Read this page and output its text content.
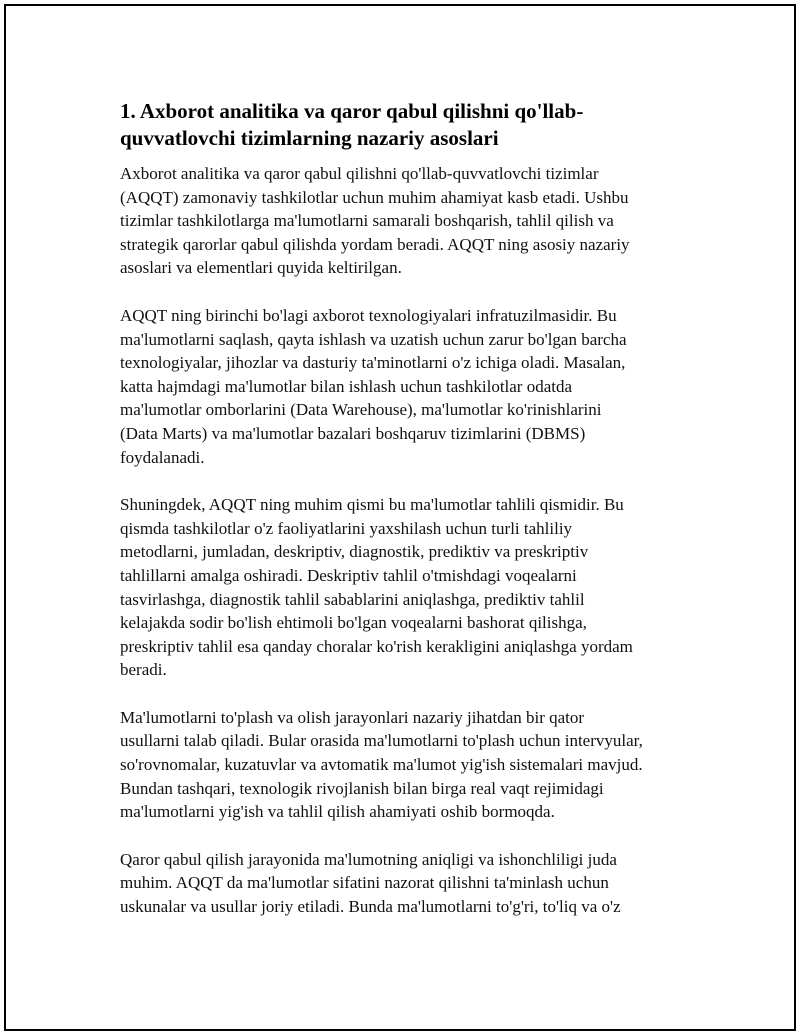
1. Axborot analitika va qaror qabul qilishni qo'llab-
quvvatlovchi tizimlarning nazariy asoslari

Axborot analitika va qaror qabul qilishni qo'llab-quvvatlovchi tizimlar
(AQQT) zamonaviy tashkilotlar uchun muhim ahamiyat kasb etadi. Ushbu
tizimlar tashkilotlarga ma'lumotlarni samarali boshqarish, tahlil qilish va
strategik qarorlar qabul qilishda yordam beradi. AQQT ning asosiy nazariy
asoslari va elementlari quyida keltirilgan.

AQQT ning birinchi bo'lagi axborot texnologiyalari infratuzilmasidir. Bu
ma'lumotlarni saqlash, qayta ishlash va uzatish uchun zarur bo'lgan barcha
texnologiyalar, jihozlar va dasturiy ta'minotlarni o'z ichiga oladi. Masalan,
katta hajmdagi ma'lumotlar bilan ishlash uchun tashkilotlar odatda
ma'lumotlar omborlarini (Data Warehouse), ma'lumotlar ko'rinishlarini
(Data Marts) va ma'lumotlar bazalari boshqaruv tizimlarini (DBMS)
foydalanadi.

Shuningdek, AQQT ning muhim qismi bu ma'lumotlar tahlili qismidir. Bu
qismda tashkilotlar o'z faoliyatlarini yaxshilash uchun turli tahliliy
metodlarni, jumladan, deskriptiv, diagnostik, prediktiv va preskriptiv
tahlillarni amalga oshiradi. Deskriptiv tahlil o'tmishdagi voqealarni
tasvirlashga, diagnostik tahlil sabablarini aniqlashga, prediktiv tahlil
kelajakda sodir bo'lish ehtimoli bo'lgan voqealarni bashorat qilishga,
preskriptiv tahlil esa qanday choralar ko'rish kerakligini aniqlashga yordam
beradi.

Ma'lumotlarni to'plash va olish jarayonlari nazariy jihatdan bir qator
usullarni talab qiladi. Bular orasida ma'lumotlarni to'plash uchun intervyular,
so'rovnomalar, kuzatuvlar va avtomatik ma'lumot yig'ish sistemalari mavjud.
Bundan tashqari, texnologik rivojlanish bilan birga real vaqt rejimidagi
ma'lumotlarni yig'ish va tahlil qilish ahamiyati oshib bormoqda.

Qaror qabul qilish jarayonida ma'lumotning aniqligi va ishonchliligi juda
muhim. AQQT da ma'lumotlar sifatini nazorat qilishni ta'minlash uchun
uskunalar va usullar joriy etiladi. Bunda ma'lumotlarni to'g'ri, to'liq va o'z
